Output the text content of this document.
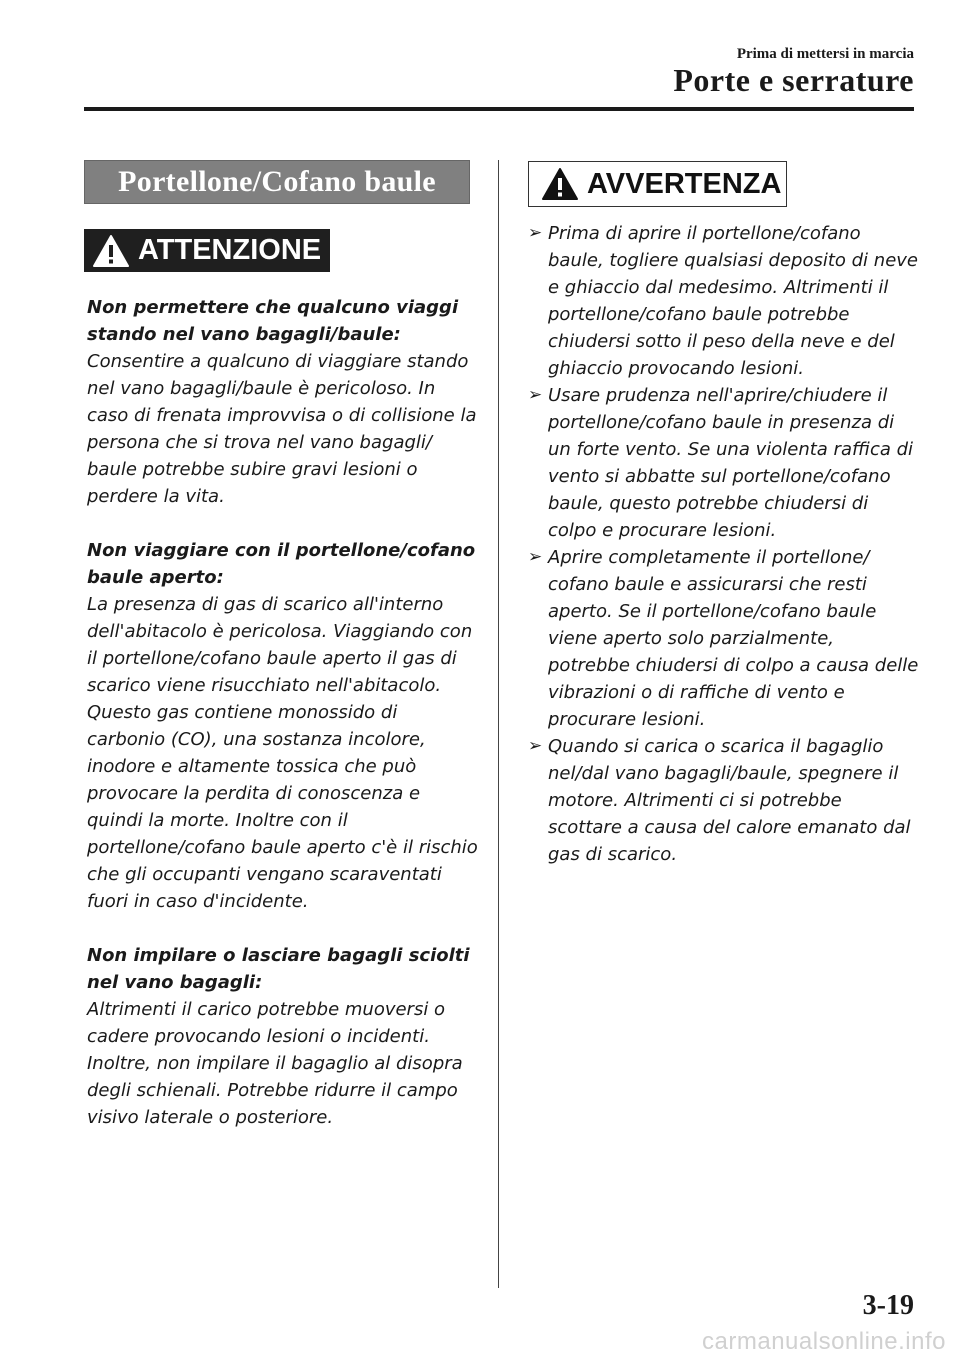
Prima di mettersi in marcia
Porte e serrature
Portellone/Cofano baule
ATTENZIONE
Non permettere che qualcuno viaggi stando nel vano bagagli/baule:
Consentire a qualcuno di viaggiare stando nel vano bagagli/baule è pericoloso. In caso di frenata improvvisa o di collisione la persona che si trova nel vano bagagli/ baule potrebbe subire gravi lesioni o perdere la vita.
Non viaggiare con il portellone/cofano baule aperto:
La presenza di gas di scarico all'interno dell'abitacolo è pericolosa. Viaggiando con il portellone/cofano baule aperto il gas di scarico viene risucchiato nell'abitacolo. Questo gas contiene monossido di carbonio (CO), una sostanza incolore, inodore e altamente tossica che può provocare la perdita di conoscenza e quindi la morte. Inoltre con il portellone/cofano baule aperto c'è il rischio che gli occupanti vengano scaraventati fuori in caso d'incidente.
Non impilare o lasciare bagagli sciolti nel vano bagagli:
Altrimenti il carico potrebbe muoversi o cadere provocando lesioni o incidenti. Inoltre, non impilare il bagaglio al disopra degli schienali. Potrebbe ridurre il campo visivo laterale o posteriore.
AVVERTENZA
➢ Prima di aprire il portellone/cofano baule, togliere qualsiasi deposito di neve e ghiaccio dal medesimo. Altrimenti il portellone/cofano baule potrebbe chiudersi sotto il peso della neve e del ghiaccio provocando lesioni.
➢ Usare prudenza nell'aprire/chiudere il portellone/cofano baule in presenza di un forte vento. Se una violenta raffica di vento si abbatte sul portellone/cofano baule, questo potrebbe chiudersi di colpo e procurare lesioni.
➢ Aprire completamente il portellone/ cofano baule e assicurarsi che resti aperto. Se il portellone/cofano baule viene aperto solo parzialmente, potrebbe chiudersi di colpo a causa delle vibrazioni o di raffiche di vento e procurare lesioni.
➢ Quando si carica o scarica il bagaglio nel/dal vano bagagli/baule, spegnere il motore. Altrimenti ci si potrebbe scottare a causa del calore emanato dal gas di scarico.
3-19
carmanualsonline.info
